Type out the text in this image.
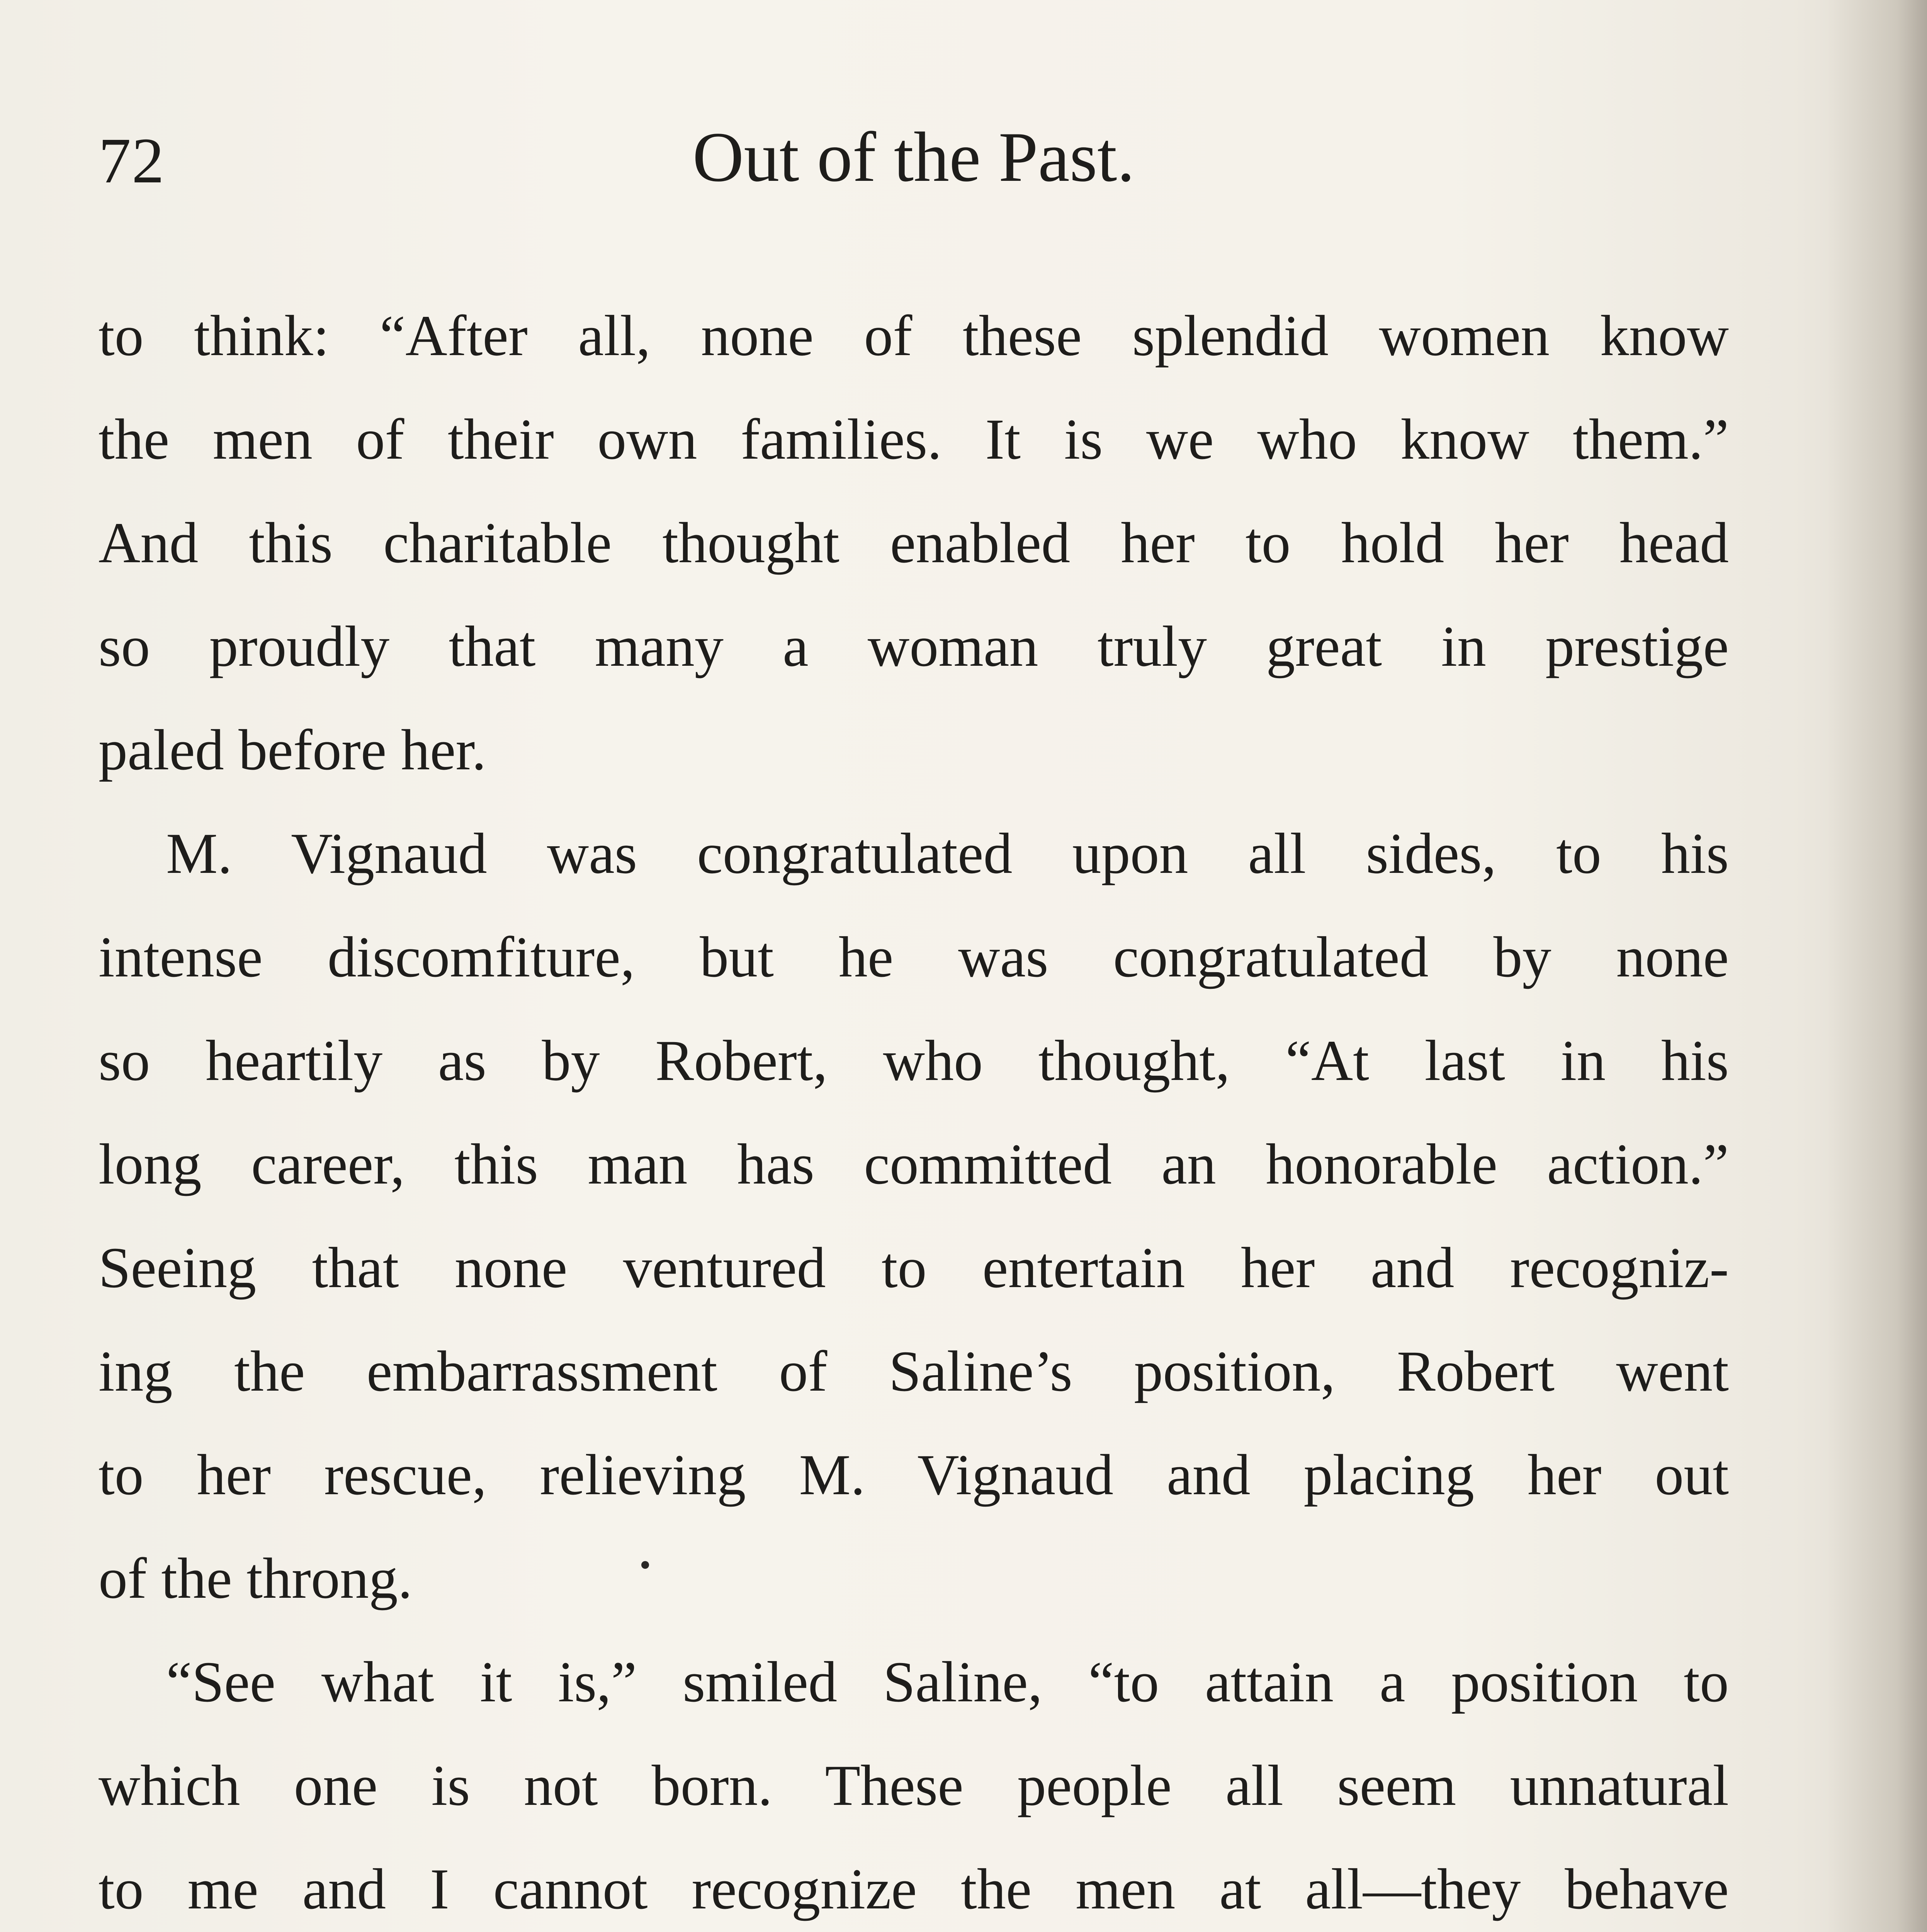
72	Out of the Past.
to think: “After all, none of these splendid women know
the men of their own families. It is we who know them.”
And this charitable thought enabled her to hold her head
so proudly that many a woman truly great in prestige
paled before her.
M. Vignaud was congratulated upon all sides, to his
intense discomfiture, but he was congratulated by none
so heartily as by Robert, who thought, “At last in his
long career, this man has committed an honorable action.”
Seeing that none ventured to entertain her and recogniz-
ing the embarrassment of Saline’s position, Robert went
to her rescue, relieving M. Vignaud and placing her out
of the throng.
“See what it is,” smiled Saline, “to attain a position to
which one is not born. These people all seem unnatural
to me and I cannot recognize the men at all—they behave
